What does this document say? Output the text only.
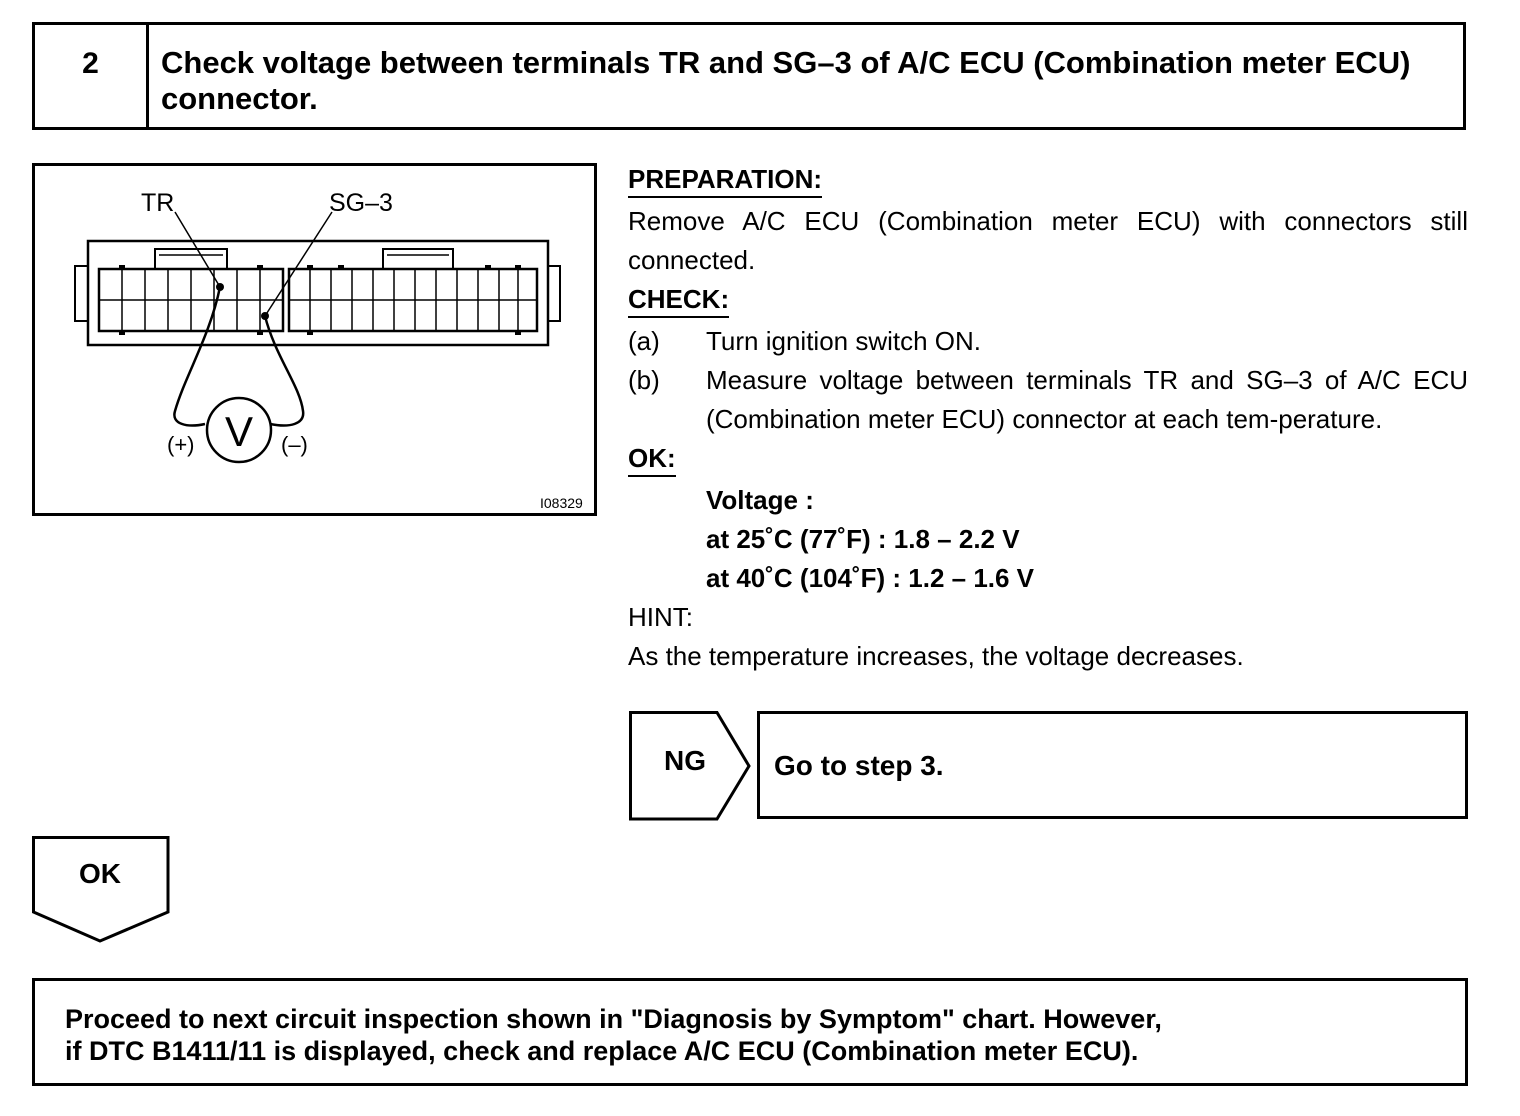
2	Check voltage between terminals TR and SG–3 of A/C ECU (Combination meter ECU) connector.
V
TR	SG–3
(+)	(–)
I08329
PREPARATION:
Remove A/C ECU (Combination meter ECU) with connectors still connected.
CHECK:
(a)	Turn ignition switch ON.
(b)	Measure voltage between terminals TR and SG–3 of A/C ECU (Combination meter ECU) connector at each tem-perature.
OK:
Voltage :
at 25˚C (77˚F) : 1.8 – 2.2 V
at 40˚C (104˚F) : 1.2 – 1.6 V
HINT:
As the temperature increases, the voltage decreases.
NG	Go to step 3.
OK
Proceed to next circuit inspection shown in "Diagnosis by Symptom" chart. However,
if DTC B1411/11 is displayed, check and replace A/C ECU (Combination meter ECU).
